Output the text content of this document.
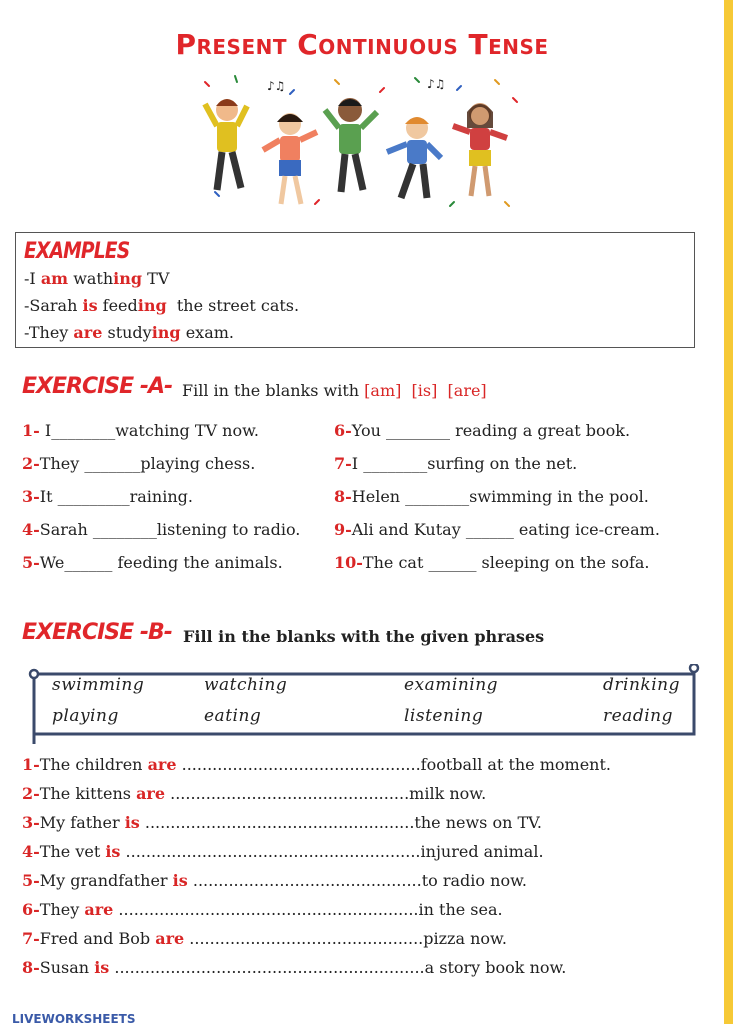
Present Continuous Tense
♪♫	♪♫
EXAMPLES
-I am wathing TV
-Sarah is feeding  the street cats.
-They are studying exam.
EXERCISE -A- Fill in the blanks with [am] [is] [are]
1- I________watching TV now.
2-They _______playing chess.
3-It _________raining.
4-Sarah ________listening to radio.
5-We______ feeding the animals.
6-You ________ reading a great book.
7-I ________surfing on the net.
8-Helen ________swimming in the pool.
9-Ali and Kutay ______ eating ice-cream.
10-The cat ______ sleeping on the sofa.
EXERCISE -B- Fill in the blanks with the given phrases
swimming	watching	examining	drinking
playing	eating	listening	reading
1-The children are ...............................................football at the moment.
2-The kittens are ...............................................milk now.
3-My father is .....................................................the news on TV.
4-The vet is ..........................................................injured animal.
5-My grandfather is .............................................to radio now.
6-They are ...........................................................in the sea.
7-Fred and Bob are ..............................................pizza now.
8-Susan is .............................................................a story book now.
LIVEWORKSHEETS
